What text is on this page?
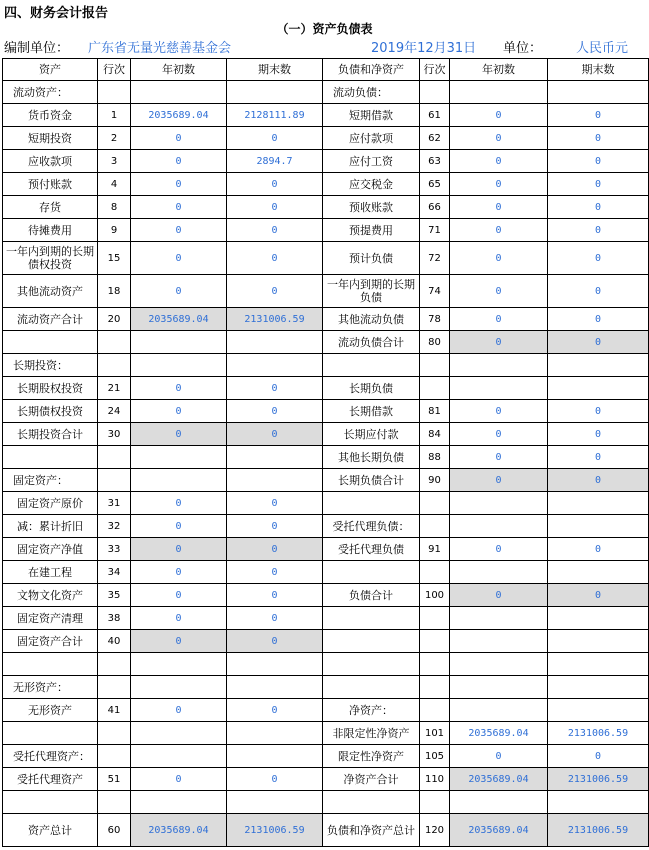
四、财务会计报告
（一）资产负债表
编制单位： 广东省无量光慈善基金会	2019年12月31日 单位：	人民币元
资产	行次	年初数	期末数	负债和净资产	行次	年初数	期末数
流动资产：				流动负债：			
货币资金	1	2035689.04	2128111.89	短期借款	61	0	0
短期投资	2	0	0	应付款项	62	0	0
应收款项	3	0	2894.7	应付工资	63	0	0
预付账款	4	0	0	应交税金	65	0	0
存货	8	0	0	预收账款	66	0	0
待摊费用	9	0	0	预提费用	71	0	0
一年内到期的长期债权投资	15	0	0	预计负债	72	0	0
其他流动资产	18	0	0	一年内到期的长期负债	74	0	0
流动资产合计	20	2035689.04	2131006.59	其他流动负债	78	0	0
				流动负债合计	80	0	0
长期投资：							
长期股权投资	21	0	0	长期负债			
长期债权投资	24	0	0	长期借款	81	0	0
长期投资合计	30	0	0	长期应付款	84	0	0
				其他长期负债	88	0	0
固定资产：				长期负债合计	90	0	0
固定资产原价	31	0	0				
减：累计折旧	32	0	0	受托代理负债：			
固定资产净值	33	0	0	受托代理负债	91	0	0
在建工程	34	0	0				
文物文化资产	35	0	0	负债合计	100	0	0
固定资产清理	38	0	0				
固定资产合计	40	0	0				

无形资产：							
无形资产	41	0	0	净资产：			
				非限定性净资产	101	2035689.04	2131006.59
受托代理资产：				限定性净资产	105	0	0
受托代理资产	51	0	0	净资产合计	110	2035689.04	2131006.59

资产总计	60	2035689.04	2131006.59	负债和净资产总计	120	2035689.04	2131006.59
